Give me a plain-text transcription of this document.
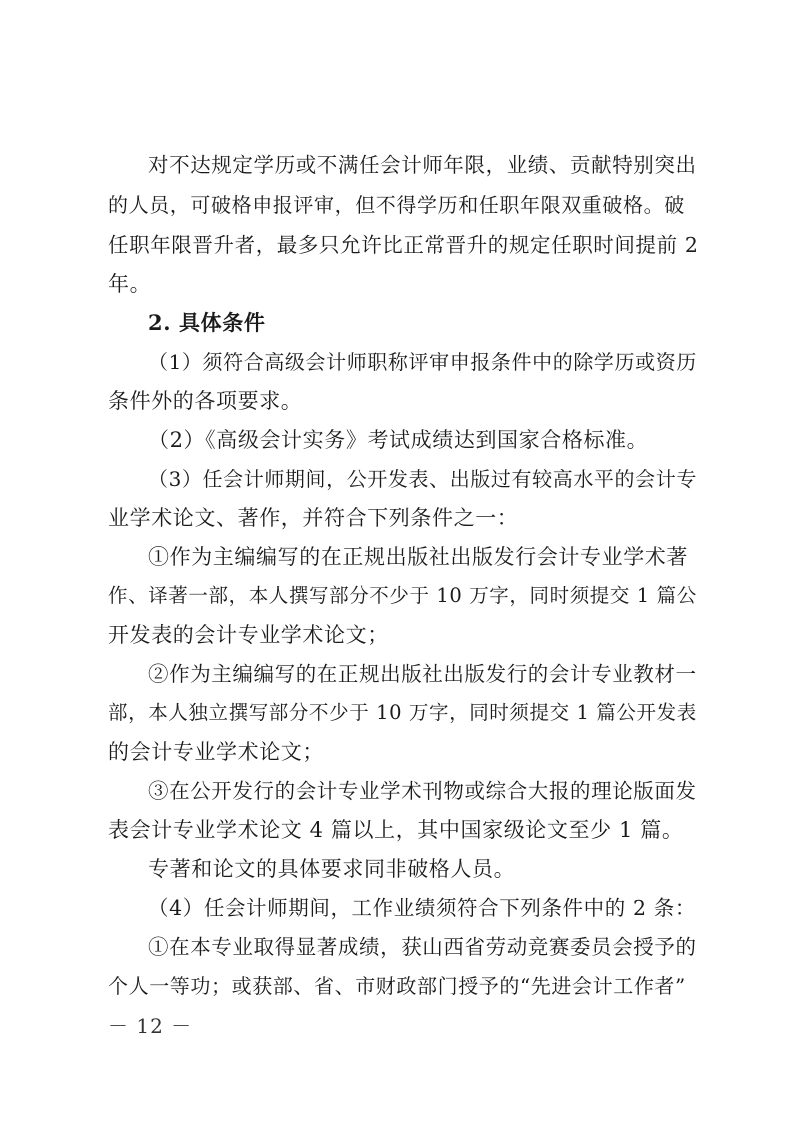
对不达规定学历或不满任会计师年限，业绩、贡献特别突出
的人员，可破格申报评审，但不得学历和任职年限双重破格。破
任职年限晋升者，最多只允许比正常晋升的规定任职时间提前 2
年。
2. 具体条件
（1）须符合高级会计师职称评审申报条件中的除学历或资历
条件外的各项要求。
（2）《高级会计实务》考试成绩达到国家合格标准。
（3）任会计师期间，公开发表、出版过有较高水平的会计专
业学术论文、著作，并符合下列条件之一：
①作为主编编写的在正规出版社出版发行会计专业学术著
作、译著一部，本人撰写部分不少于 10 万字，同时须提交 1 篇公
开发表的会计专业学术论文；
②作为主编编写的在正规出版社出版发行的会计专业教材一
部，本人独立撰写部分不少于 10 万字，同时须提交 1 篇公开发表
的会计专业学术论文；
③在公开发行的会计专业学术刊物或综合大报的理论版面发
表会计专业学术论文 4 篇以上，其中国家级论文至少 1 篇。
专著和论文的具体要求同非破格人员。
（4）任会计师期间，工作业绩须符合下列条件中的 2 条：
①在本专业取得显著成绩，获山西省劳动竞赛委员会授予的
个人一等功；或获部、省、市财政部门授予的“先进会计工作者”
－ 12 －
